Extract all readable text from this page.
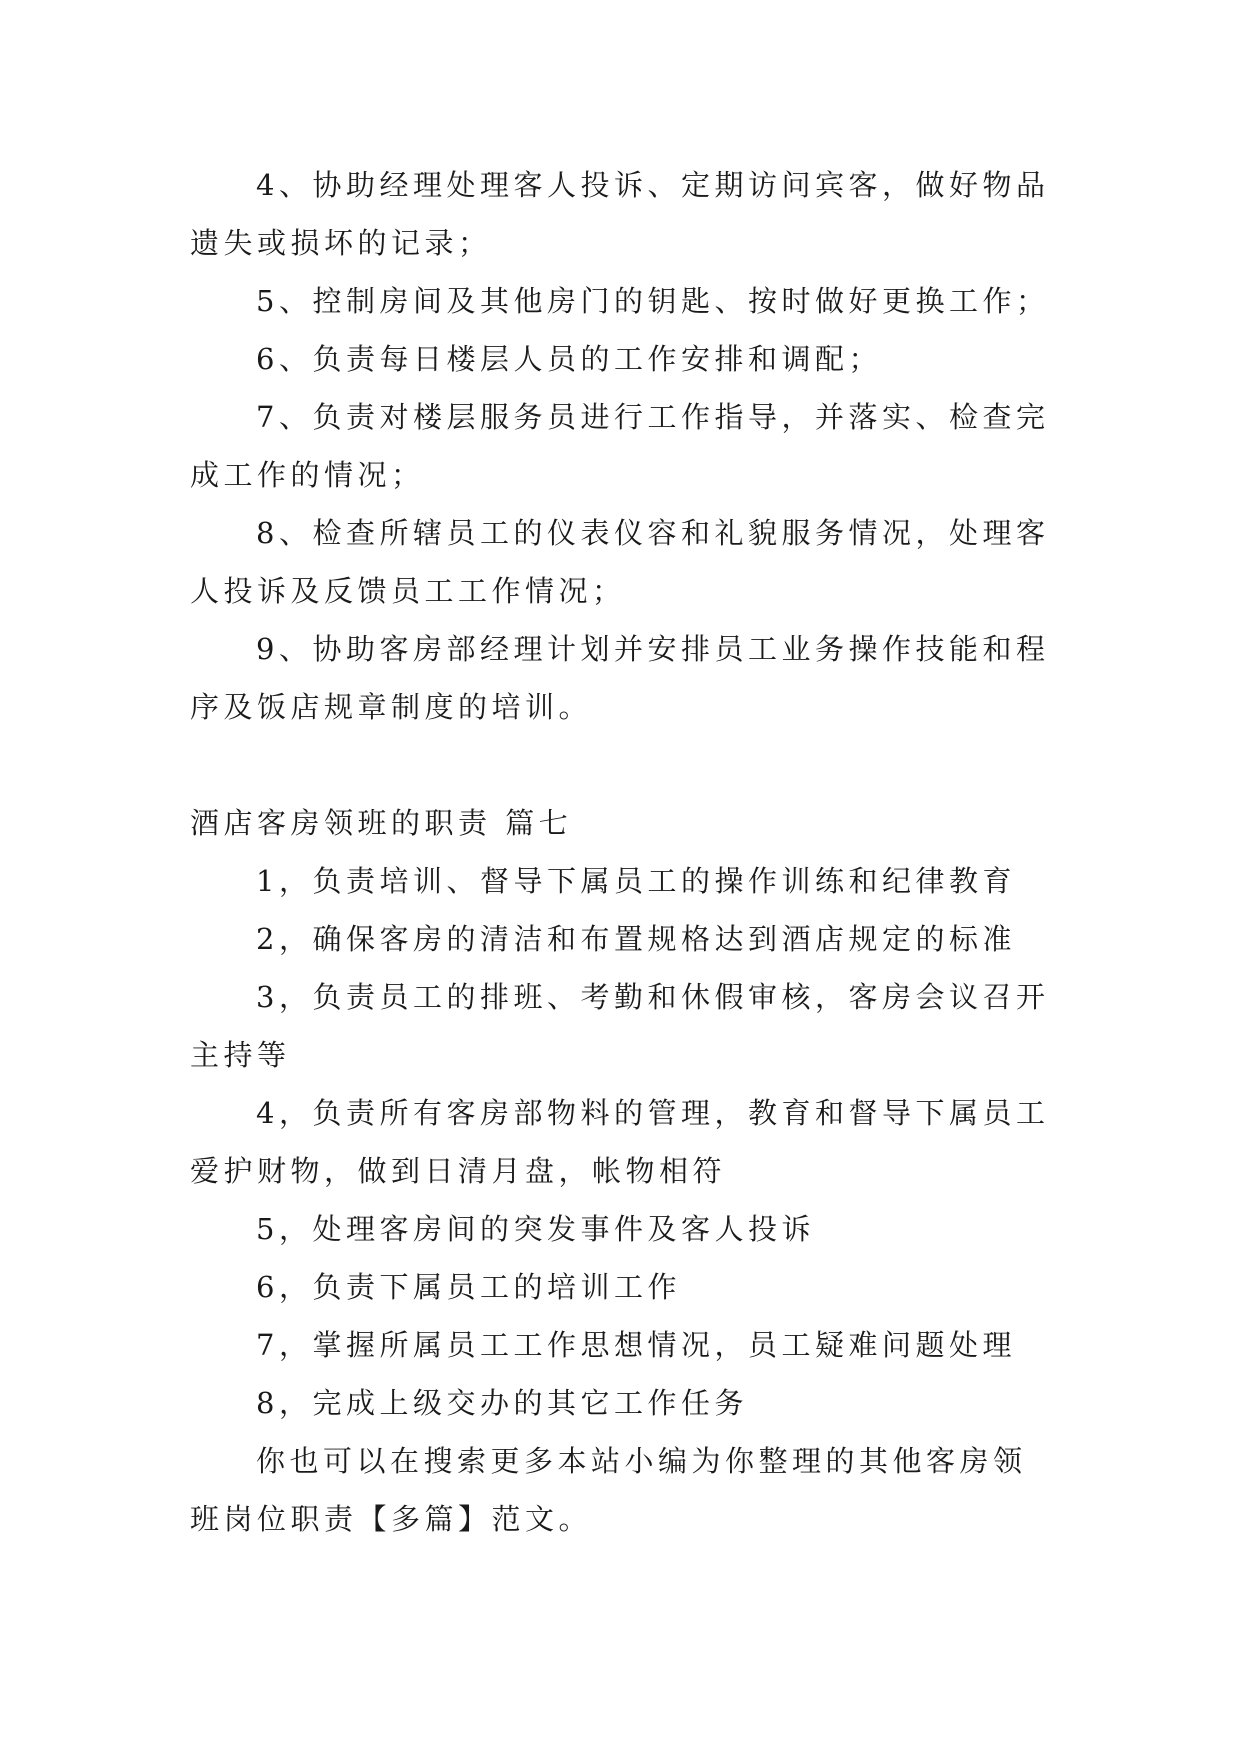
4、协助经理处理客人投诉、定期访问宾客，做好物品遗失或损坏的记录；

5、控制房间及其他房门的钥匙、按时做好更换工作；

6、负责每日楼层人员的工作安排和调配；

7、负责对楼层服务员进行工作指导，并落实、检查完成工作的情况；

8、检查所辖员工的仪表仪容和礼貌服务情况，处理客人投诉及反馈员工工作情况；

9、协助客房部经理计划并安排员工业务操作技能和程序及饭店规章制度的培训。

酒店客房领班的职责 篇七

1，负责培训、督导下属员工的操作训练和纪律教育

2，确保客房的清洁和布置规格达到酒店规定的标准

3，负责员工的排班、考勤和休假审核，客房会议召开主持等

4，负责所有客房部物料的管理，教育和督导下属员工爱护财物，做到日清月盘，帐物相符

5，处理客房间的突发事件及客人投诉

6，负责下属员工的培训工作

7，掌握所属员工工作思想情况，员工疑难问题处理

8，完成上级交办的其它工作任务

你也可以在搜索更多本站小编为你整理的其他客房领班岗位职责【多篇】范文。
